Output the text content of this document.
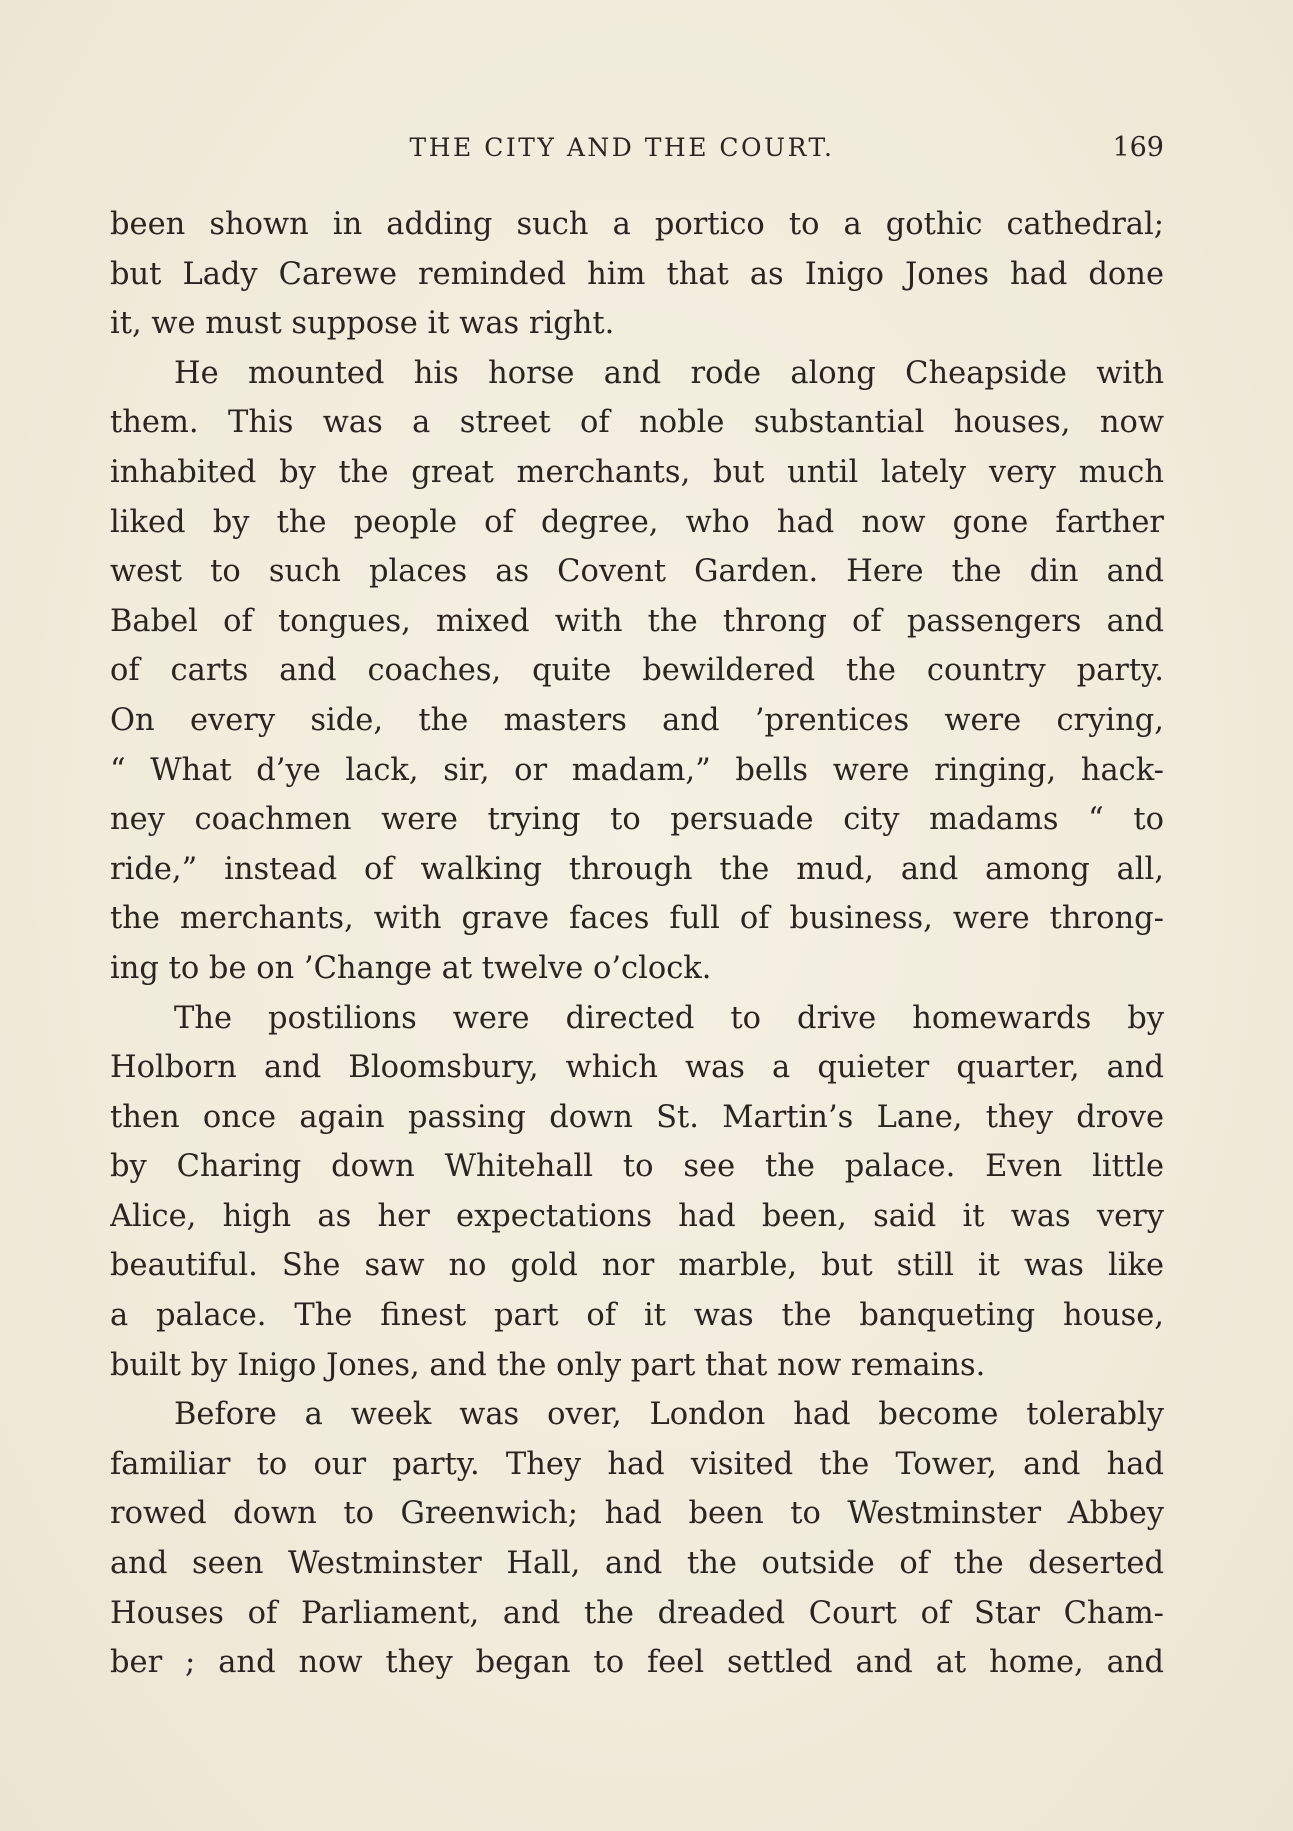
THE CITY AND THE COURT.	169
been shown in adding such a portico to a gothic cathedral;
but Lady Carewe reminded him that as Inigo Jones had done
it, we must suppose it was right.
He mounted his horse and rode along Cheapside with
them. This was a street of noble substantial houses, now
inhabited by the great merchants, but until lately very much
liked by the people of degree, who had now gone farther
west to such places as Covent Garden. Here the din and
Babel of tongues, mixed with the throng of passengers and
of carts and coaches, quite bewildered the country party.
On every side, the masters and ’prentices were crying,
“ What d’ye lack, sir, or madam,” bells were ringing, hack-
ney coachmen were trying to persuade city madams “ to
ride,” instead of walking through the mud, and among all,
the merchants, with grave faces full of business, were throng-
ing to be on ’Change at twelve o’clock.
The postilions were directed to drive homewards by
Holborn and Bloomsbury, which was a quieter quarter, and
then once again passing down St. Martin’s Lane, they drove
by Charing down Whitehall to see the palace. Even little
Alice, high as her expectations had been, said it was very
beautiful. She saw no gold nor marble, but still it was like
a palace. The finest part of it was the banqueting house,
built by Inigo Jones, and the only part that now remains.
Before a week was over, London had become tolerably
familiar to our party. They had visited the Tower, and had
rowed down to Greenwich; had been to Westminster Abbey
and seen Westminster Hall, and the outside of the deserted
Houses of Parliament, and the dreaded Court of Star Cham-
ber ; and now they began to feel settled and at home, and
